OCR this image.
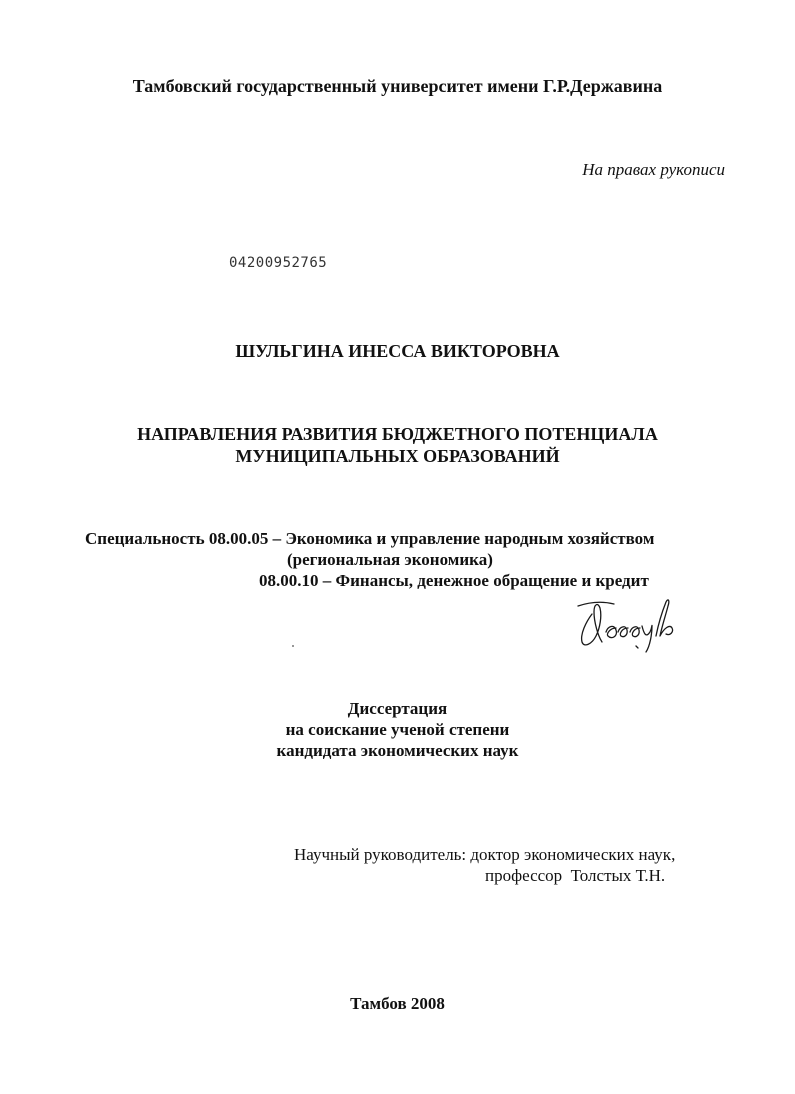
Тамбовский государственный университет имени Г.Р.Державина
На правах рукописи
04200952765
ШУЛЬГИНА ИНЕССА ВИКТОРОВНА
НАПРАВЛЕНИЯ РАЗВИТИЯ БЮДЖЕТНОГО ПОТЕНЦИАЛА
МУНИЦИПАЛЬНЫХ ОБРАЗОВАНИЙ
Специальность 08.00.05 – Экономика и управление народным хозяйством
(региональная экономика)
08.00.10 – Финансы, денежное обращение и кредит
Диссертация
на соискание ученой степени
кандидата экономических наук
Научный руководитель: доктор экономических наук,
профессор  Толстых Т.Н.
Тамбов 2008
